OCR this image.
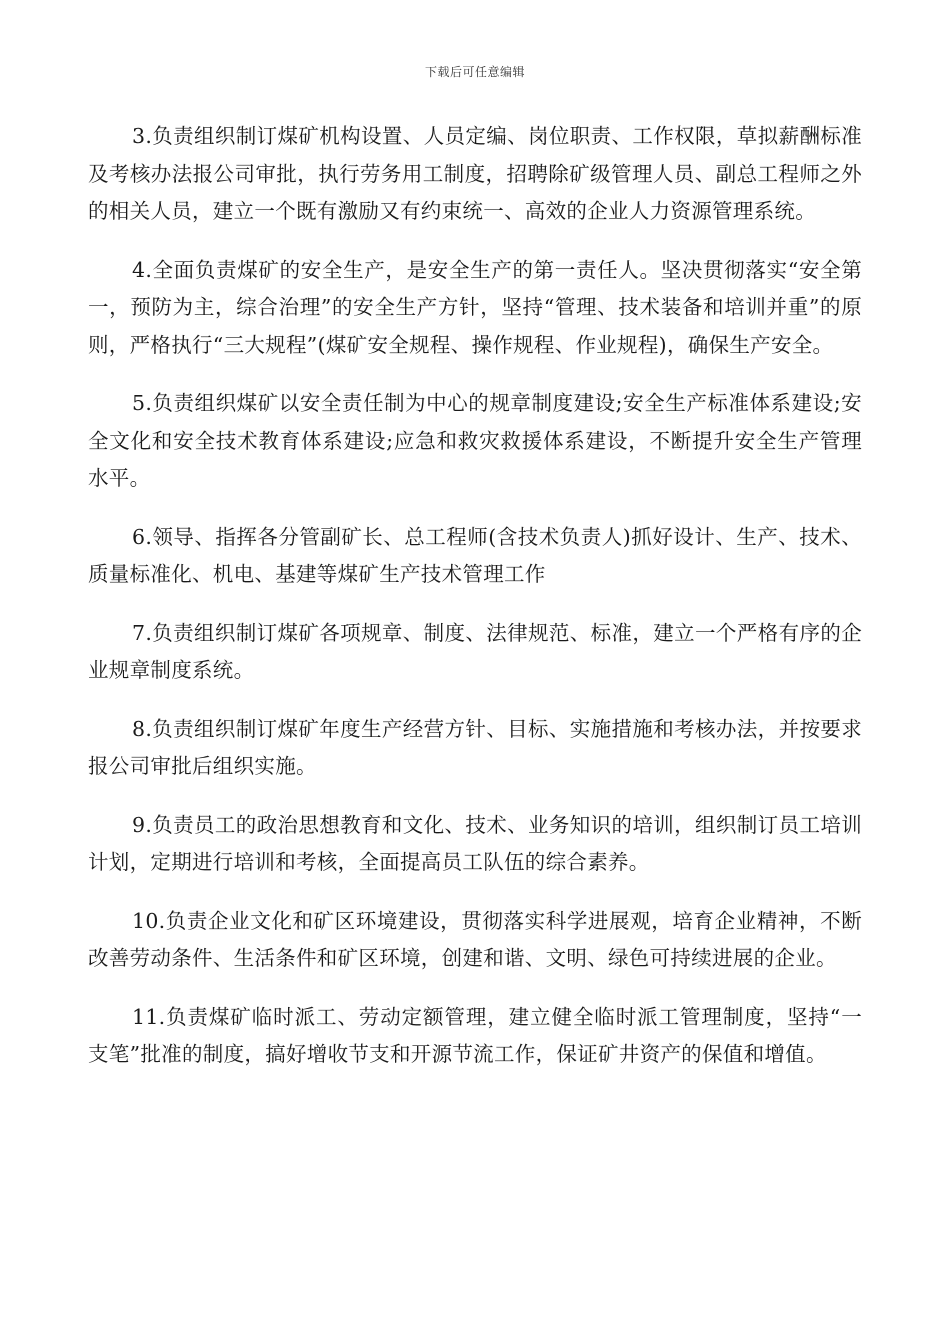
下载后可任意编辑

3.负责组织制订煤矿机构设置、人员定编、岗位职责、工作权限，草拟薪酬标准及考核办法报公司审批，执行劳务用工制度，招聘除矿级管理人员、副总工程师之外的相关人员，建立一个既有激励又有约束统一、高效的企业人力资源管理系统。

4.全面负责煤矿的安全生产，是安全生产的第一责任人。坚决贯彻落实“安全第一，预防为主，综合治理”的安全生产方针，坚持“管理、技术装备和培训并重”的原则，严格执行“三大规程”(煤矿安全规程、操作规程、作业规程)，确保生产安全。

5.负责组织煤矿以安全责任制为中心的规章制度建设;安全生产标准体系建设;安全文化和安全技术教育体系建设;应急和救灾救援体系建设，不断提升安全生产管理水平。

6.领导、指挥各分管副矿长、总工程师(含技术负责人)抓好设计、生产、技术、质量标准化、机电、基建等煤矿生产技术管理工作

7.负责组织制订煤矿各项规章、制度、法律规范、标准，建立一个严格有序的企业规章制度系统。

8.负责组织制订煤矿年度生产经营方针、目标、实施措施和考核办法，并按要求报公司审批后组织实施。

9.负责员工的政治思想教育和文化、技术、业务知识的培训，组织制订员工培训计划，定期进行培训和考核，全面提高员工队伍的综合素养。

10.负责企业文化和矿区环境建设，贯彻落实科学进展观，培育企业精神，不断改善劳动条件、生活条件和矿区环境，创建和谐、文明、绿色可持续进展的企业。

11.负责煤矿临时派工、劳动定额管理，建立健全临时派工管理制度，坚持“一支笔”批准的制度，搞好增收节支和开源节流工作，保证矿井资产的保值和增值。
